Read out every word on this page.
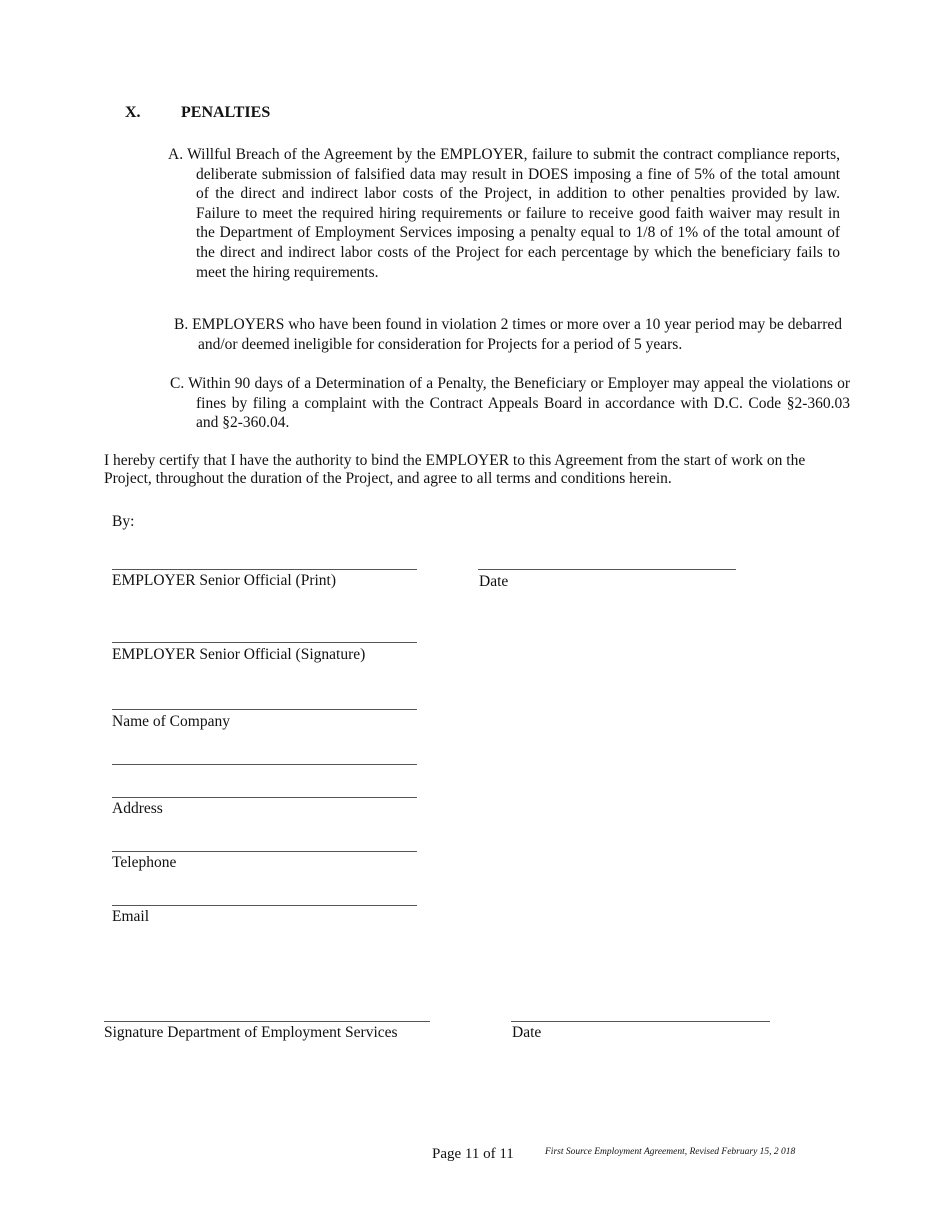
X.	PENALTIES
A. Willful Breach of the Agreement by the EMPLOYER, failure to submit the contract compliance reports, deliberate submission of falsified data may result in DOES imposing a fine of 5% of the total amount of the direct and indirect labor costs of the Project, in addition to other penalties provided by law. Failure to meet the required hiring requirements or failure to receive good faith waiver may result in the Department of Employment Services imposing a penalty equal to 1/8 of 1% of the total amount of the direct and indirect labor costs of the Project for each percentage by which the beneficiary fails to meet the hiring requirements.
B. EMPLOYERS who have been found in violation 2 times or more over a 10 year period may be debarred and/or deemed ineligible for consideration for Projects for a period of 5 years.
C. Within 90 days of a Determination of a Penalty, the Beneficiary or Employer may appeal the violations or fines by filing a complaint with the Contract Appeals Board in accordance with D.C. Code §2-360.03 and §2-360.04.
I hereby certify that I have the authority to bind the EMPLOYER to this Agreement from the start of work on the Project, throughout the duration of the Project, and agree to all terms and conditions herein.
By:
EMPLOYER Senior Official (Print)	Date
EMPLOYER Senior Official (Signature)
Name of Company
Address
Telephone
Email
Signature Department of Employment Services	Date
Page 11 of 11	First Source Employment Agreement, Revised February 15, 2 018
